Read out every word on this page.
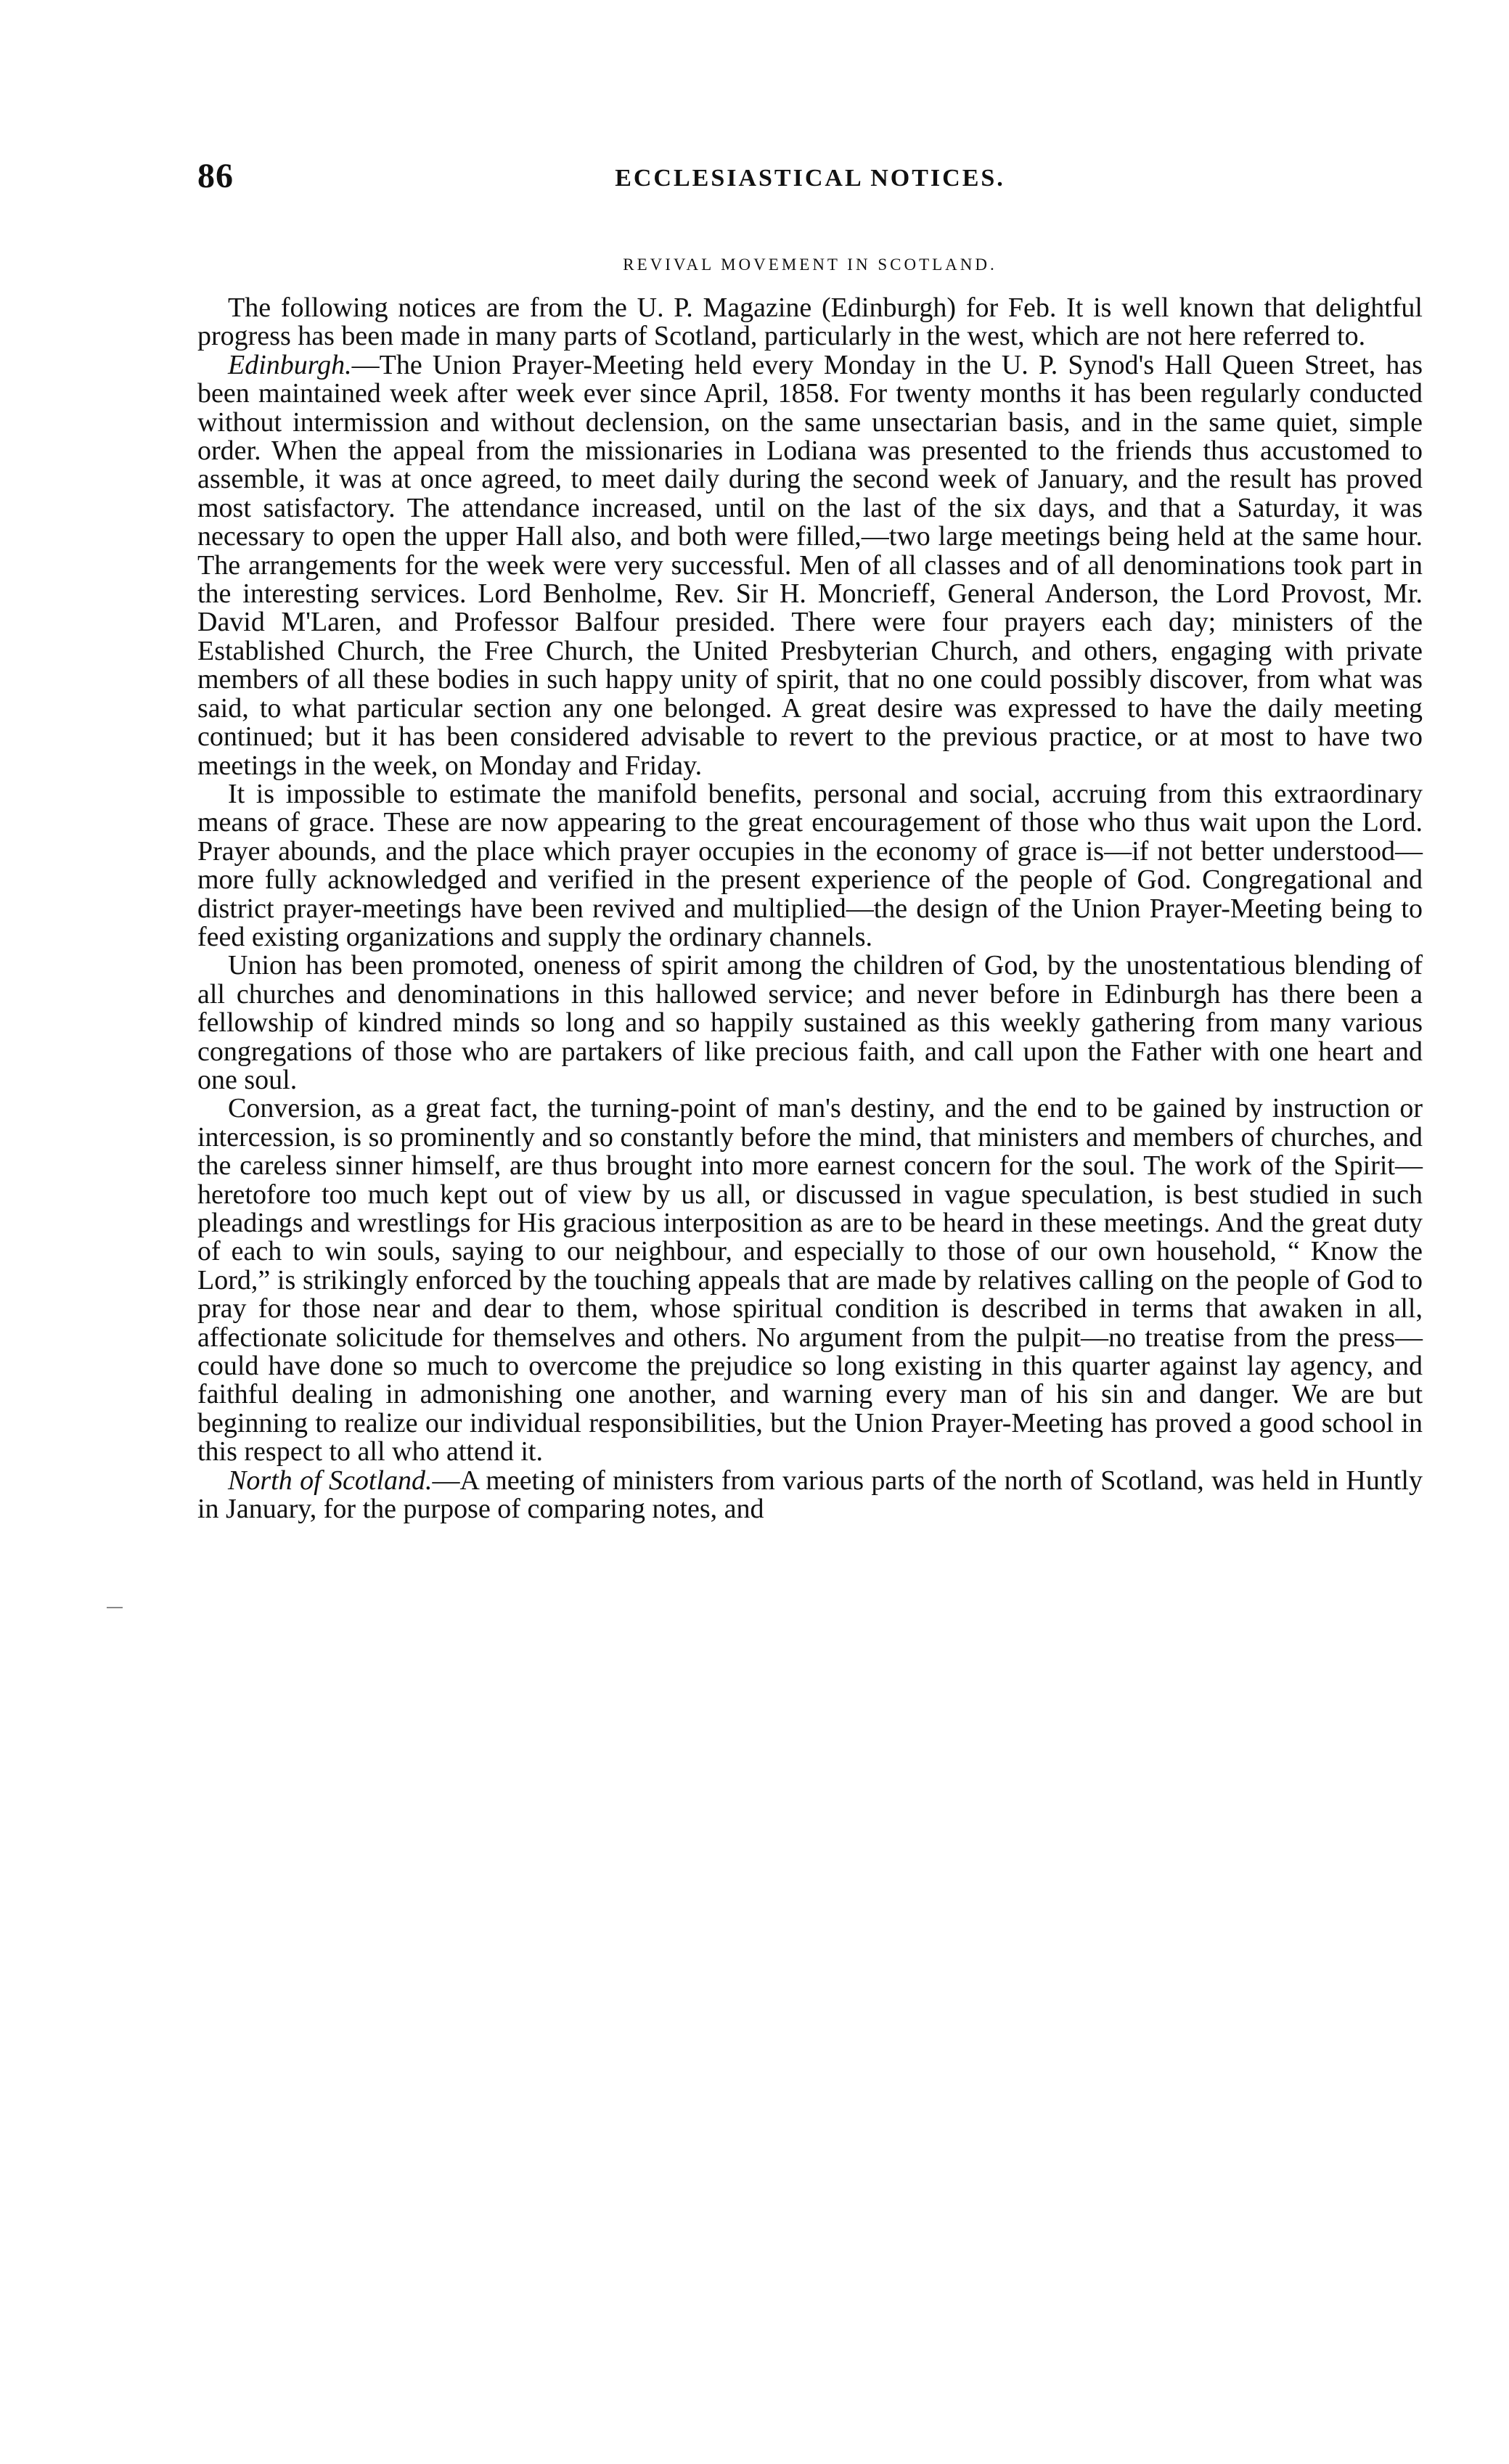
86	ECCLESIASTICAL NOTICES.
REVIVAL MOVEMENT IN SCOTLAND.

The following notices are from the U. P. Magazine (Edinburgh) for Feb. It is well known that delightful progress has been made in many parts of Scotland, particularly in the west, which are not here referred to.

Edinburgh.—The Union Prayer-Meeting held every Monday in the U. P. Synod's Hall Queen Street, has been maintained week after week ever since April, 1858. For twenty months it has been regularly conducted without intermission and without declension, on the same unsectarian basis, and in the same quiet, simple order. When the appeal from the missionaries in Lodiana was presented to the friends thus accustomed to assemble, it was at once agreed, to meet daily during the second week of January, and the result has proved most satisfactory. The attendance increased, until on the last of the six days, and that a Saturday, it was necessary to open the upper Hall also, and both were filled,—two large meetings being held at the same hour. The arrangements for the week were very successful. Men of all classes and of all denominations took part in the interesting services. Lord Benholme, Rev. Sir H. Moncrieff, General Anderson, the Lord Provost, Mr. David M'Laren, and Professor Balfour presided. There were four prayers each day; ministers of the Established Church, the Free Church, the United Presbyterian Church, and others, engaging with private members of all these bodies in such happy unity of spirit, that no one could possibly discover, from what was said, to what particular section any one belonged. A great desire was expressed to have the daily meeting continued; but it has been considered advisable to revert to the previous practice, or at most to have two meetings in the week, on Monday and Friday.

It is impossible to estimate the manifold benefits, personal and social, accruing from this extraordinary means of grace. These are now appearing to the great encouragement of those who thus wait upon the Lord. Prayer abounds, and the place which prayer occupies in the economy of grace is—if not better understood—more fully acknowledged and verified in the present experience of the people of God. Congregational and district prayer-meetings have been revived and multiplied—the design of the Union Prayer-Meeting being to feed existing organizations and supply the ordinary channels.

Union has been promoted, oneness of spirit among the children of God, by the unostentatious blending of all churches and denominations in this hallowed service; and never before in Edinburgh has there been a fellowship of kindred minds so long and so happily sustained as this weekly gathering from many various congregations of those who are partakers of like precious faith, and call upon the Father with one heart and one soul.

Conversion, as a great fact, the turning-point of man's destiny, and the end to be gained by instruction or intercession, is so prominently and so constantly before the mind, that ministers and members of churches, and the careless sinner himself, are thus brought into more earnest concern for the soul. The work of the Spirit—heretofore too much kept out of view by us all, or discussed in vague speculation, is best studied in such pleadings and wrestlings for His gracious interposition as are to be heard in these meetings. And the great duty of each to win souls, saying to our neighbour, and especially to those of our own household, “ Know the Lord,” is strikingly enforced by the touching appeals that are made by relatives calling on the people of God to pray for those near and dear to them, whose spiritual condition is described in terms that awaken in all, affectionate solicitude for themselves and others. No argument from the pulpit—no treatise from the press—could have done so much to overcome the prejudice so long existing in this quarter against lay agency, and faithful dealing in admonishing one another, and warning every man of his sin and danger. We are but beginning to realize our individual responsibilities, but the Union Prayer-Meeting has proved a good school in this respect to all who attend it.

North of Scotland.—A meeting of ministers from various parts of the north of Scotland, was held in Huntly in January, for the purpose of comparing notes, and
